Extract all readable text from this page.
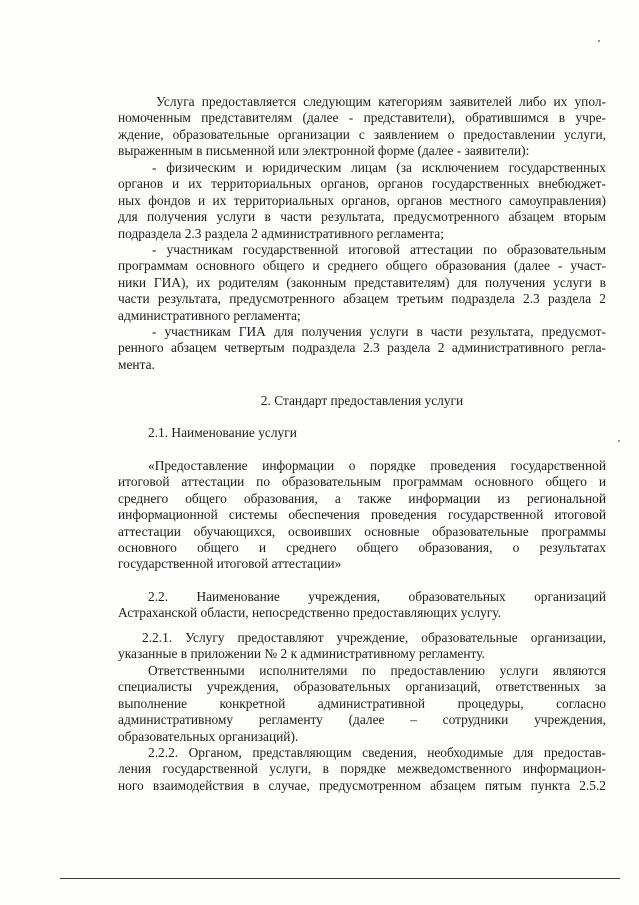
Услуга предоставляется следующим категориям заявителей либо их упол-
номоченным представителям (далее - представители), обратившимся в учре-
ждение, образовательные организации с заявлением о предоставлении услуги,
выраженным в письменной или электронной форме (далее - заявители):
- физическим и юридическим лицам (за исключением государственных
органов и их территориальных органов, органов государственных внебюджет-
ных фондов и их территориальных органов, органов местного самоуправления)
для получения услуги в части результата, предусмотренного абзацем вторым
подраздела 2.3 раздела 2 административного регламента;
- участникам государственной итоговой аттестации по образовательным
программам основного общего и среднего общего образования (далее - участ-
ники ГИА), их родителям (законным представителям) для получения услуги в
части результата, предусмотренного абзацем третьим подраздела 2.3 раздела 2
административного регламента;
- участникам ГИА для получения услуги в части результата, предусмот-
ренного абзацем четвертым подраздела 2.3 раздела 2 административного регла-
мента.
2. Стандарт предоставления услуги
2.1. Наименование услуги
«Предоставление информации о порядке проведения государственной
итоговой аттестации по образовательным программам основного общего и
среднего общего образования, а также информации из региональной
информационной системы обеспечения проведения государственной итоговой
аттестации обучающихся, освоивших основные образовательные программы
основного общего и среднего общего образования, о результатах
государственной итоговой аттестации»
2.2. Наименование учреждения, образовательных организаций
Астраханской области, непосредственно предоставляющих услугу.
2.2.1. Услугу предоставляют учреждение, образовательные организации,
указанные в приложении № 2 к административному регламенту.
Ответственными исполнителями по предоставлению услуги являются
специалисты учреждения, образовательных организаций, ответственных за
выполнение конкретной административной процедуры, согласно
административному регламенту (далее – сотрудники учреждения,
образовательных организаций).
2.2.2. Органом, представляющим сведения, необходимые для предостав-
ления государственной услуги, в порядке межведомственного информацион-
ного взаимодействия в случае, предусмотренном абзацем пятым пункта 2.5.2
